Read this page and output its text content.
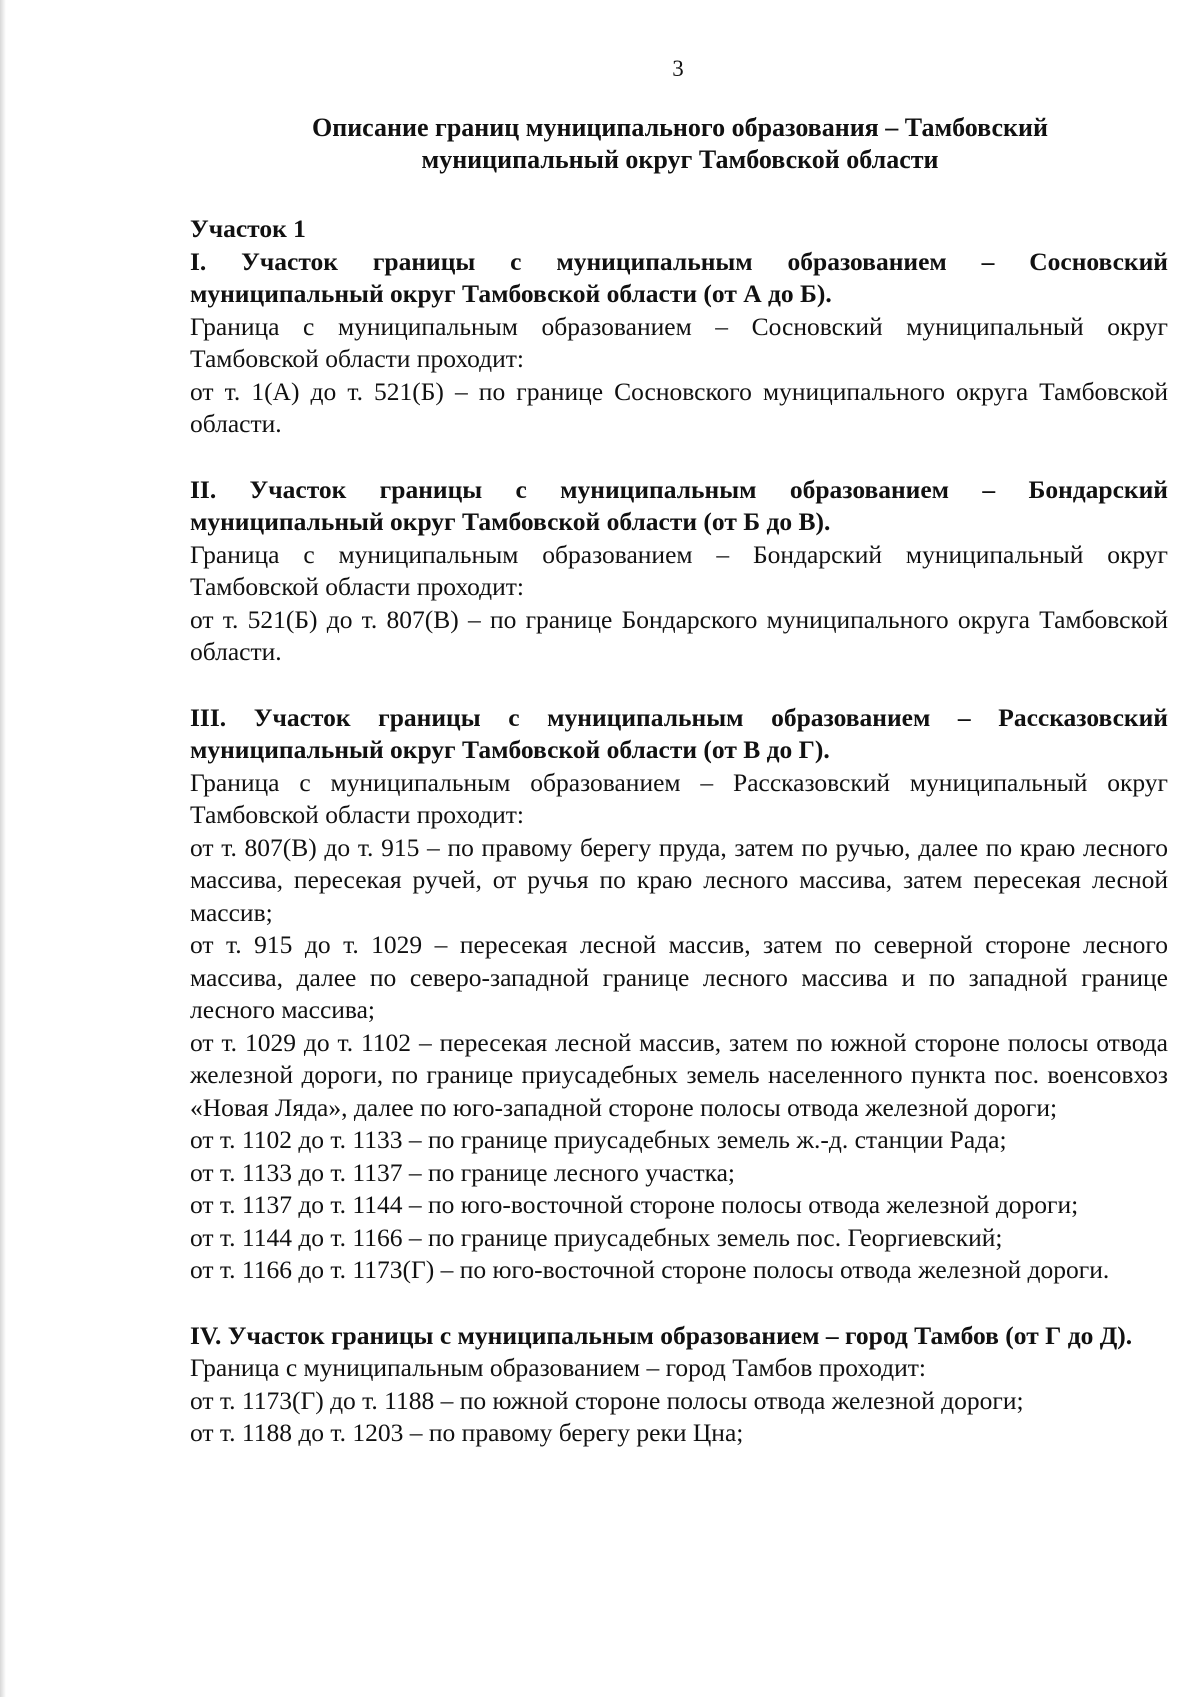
3
Описание границ муниципального образования – Тамбовский
муниципальный округ Тамбовской области
Участок 1
I. Участок границы с муниципальным образованием – Сосновский муниципальный округ Тамбовской области (от А до Б).
Граница с муниципальным образованием – Сосновский муниципальный округ Тамбовской области проходит:
от т. 1(А) до т. 521(Б) – по границе Сосновского муниципального округа Тамбовской области.
II. Участок границы с муниципальным образованием – Бондарский муниципальный округ Тамбовской области (от Б до В).
Граница с муниципальным образованием – Бондарский муниципальный округ Тамбовской области проходит:
от т. 521(Б) до т. 807(В) – по границе Бондарского муниципального округа Тамбовской области.
III. Участок границы с муниципальным образованием – Рассказовский муниципальный округ Тамбовской области (от В до Г).
Граница с муниципальным образованием – Рассказовский муниципальный округ Тамбовской области проходит:
от т. 807(В) до т. 915 – по правому берегу пруда, затем по ручью, далее по краю лесного массива, пересекая ручей, от ручья по краю лесного массива, затем пересекая лесной массив;
от т. 915 до т. 1029 – пересекая лесной массив, затем по северной стороне лесного массива, далее по северо-западной границе лесного массива и по западной границе лесного массива;
от т. 1029 до т. 1102 – пересекая лесной массив, затем по южной стороне полосы отвода железной дороги, по границе приусадебных земель населенного пункта пос. военсовхоз «Новая Ляда», далее по юго-западной стороне полосы отвода железной дороги;
от т. 1102 до т. 1133 – по границе приусадебных земель ж.-д. станции Рада;
от т. 1133 до т. 1137 – по границе лесного участка;
от т. 1137 до т. 1144 – по юго-восточной стороне полосы отвода железной дороги;
от т. 1144 до т. 1166 – по границе приусадебных земель пос. Георгиевский;
от т. 1166 до т. 1173(Г) – по юго-восточной стороне полосы отвода железной дороги.
IV. Участок границы с муниципальным образованием – город Тамбов (от Г до Д).
Граница с муниципальным образованием – город Тамбов проходит:
от т. 1173(Г) до т. 1188 – по южной стороне полосы отвода железной дороги;
от т. 1188 до т. 1203 – по правому берегу реки Цна;
